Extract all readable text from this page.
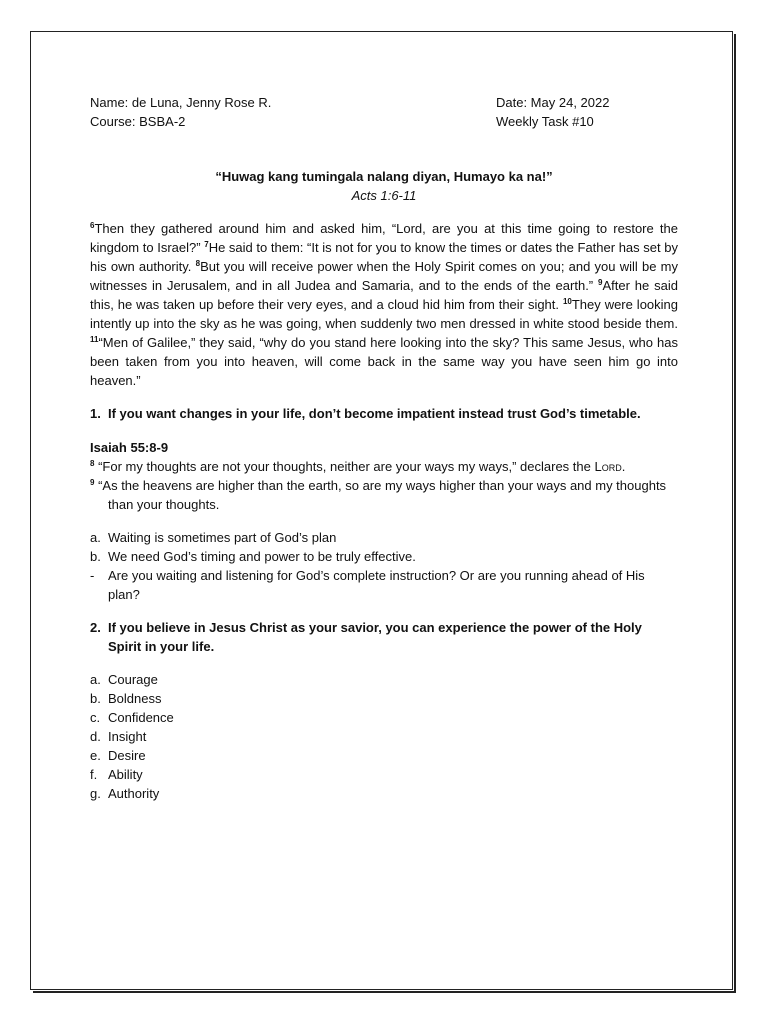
Name: de Luna, Jenny Rose R.
Course: BSBA-2
Date: May 24, 2022
Weekly Task #10
“Huwag kang tumingala nalang diyan, Humayo ka na!”
Acts 1:6-11
$^6$Then they gathered around him and asked him, “Lord, are you at this time going to restore the kingdom to Israel?” $^7$He said to them: “It is not for you to know the times or dates the Father has set by his own authority. $^8$But you will receive power when the Holy Spirit comes on you; and you will be my witnesses in Jerusalem, and in all Judea and Samaria, and to the ends of the earth.” $^9$After he said this, he was taken up before their very eyes, and a cloud hid him from their sight. $^{10}$They were looking intently up into the sky as he was going, when suddenly two men dressed in white stood beside them. $^{11}$“Men of Galilee,” they said, “why do you stand here looking into the sky? This same Jesus, who has been taken from you into heaven, will come back in the same way you have seen him go into heaven.”
1. If you want changes in your life, don’t become impatient instead trust God’s timetable.
Isaiah 55:8-9
$^8$ “For my thoughts are not your thoughts, neither are your ways my ways,” declares the Lord.
$^9$ “As the heavens are higher than the earth, so are my ways higher than your ways and my thoughts than your thoughts.
a. Waiting is sometimes part of God’s plan
b. We need God’s timing and power to be truly effective.
-	Are you waiting and listening for God’s complete instruction? Or are you running ahead of His plan?
2. If you believe in Jesus Christ as your savior, you can experience the power of the Holy Spirit in your life.
a. Courage
b. Boldness
c. Confidence
d. Insight
e. Desire
f. Ability
g. Authority
